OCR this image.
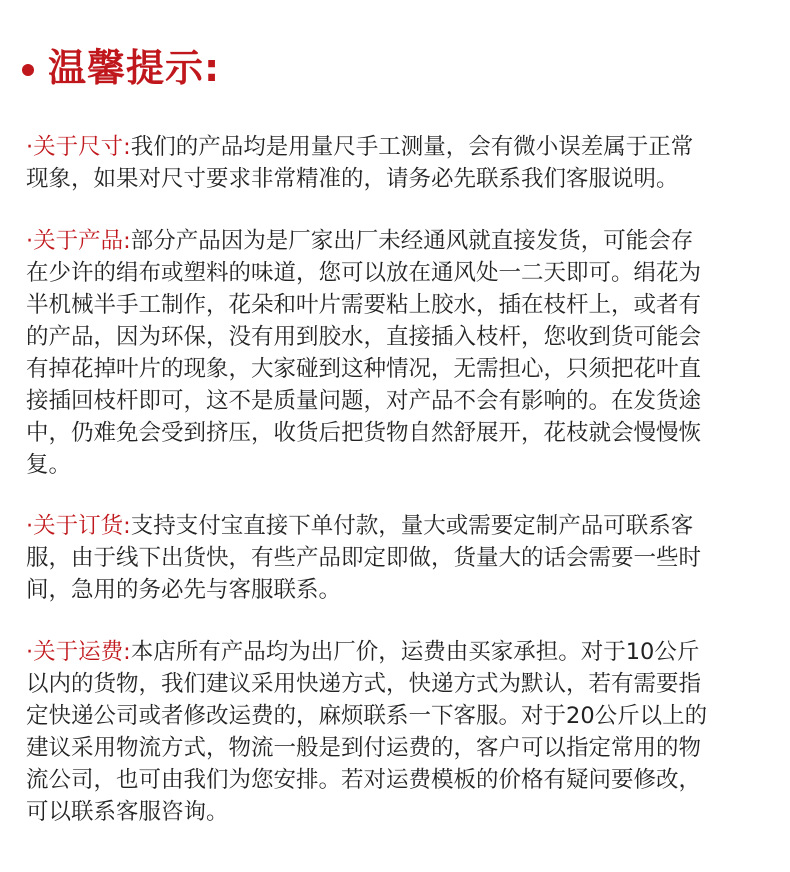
温馨提示:
·关于尺寸:我们的产品均是用量尺手工测量，会有微小误差属于正常
现象，如果对尺寸要求非常精准的，请务必先联系我们客服说明。
·关于产品:部分产品因为是厂家出厂未经通风就直接发货，可能会存
在少许的绢布或塑料的味道，您可以放在通风处一二天即可。绢花为
半机械半手工制作，花朵和叶片需要粘上胶水，插在枝杆上，或者有
的产品，因为环保，没有用到胶水，直接插入枝杆，您收到货可能会
有掉花掉叶片的现象，大家碰到这种情况，无需担心，只须把花叶直
接插回枝杆即可，这不是质量问题，对产品不会有影响的。在发货途
中，仍难免会受到挤压，收货后把货物自然舒展开，花枝就会慢慢恢
复。
·关于订货:支持支付宝直接下单付款，量大或需要定制产品可联系客
服，由于线下出货快，有些产品即定即做，货量大的话会需要一些时
间，急用的务必先与客服联系。
·关于运费:本店所有产品均为出厂价，运费由买家承担。对于10公斤
以内的货物，我们建议采用快递方式，快递方式为默认，若有需要指
定快递公司或者修改运费的，麻烦联系一下客服。对于20公斤以上的
建议采用物流方式，物流一般是到付运费的，客户可以指定常用的物
流公司，也可由我们为您安排。若对运费模板的价格有疑问要修改，
可以联系客服咨询。
